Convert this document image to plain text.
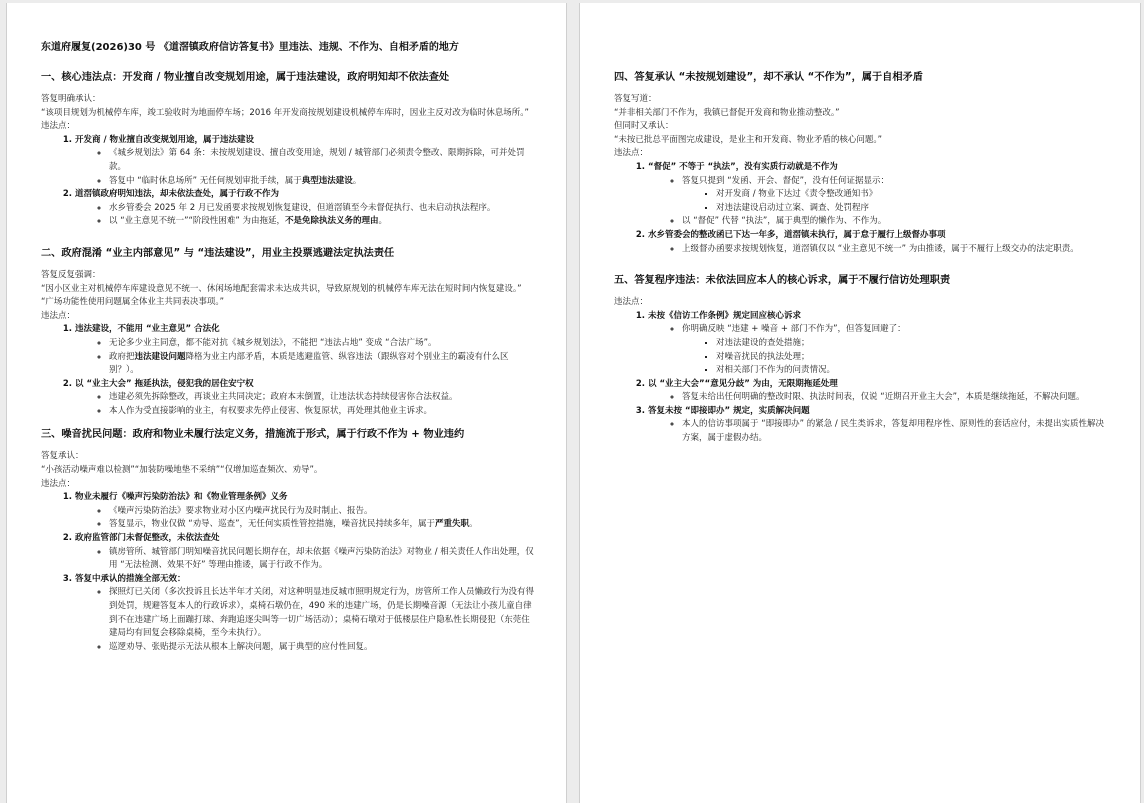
东道府履复(2026)30 号 《道滘镇政府信访答复书》里违法、违规、不作为、自相矛盾的地方
一、核心违法点：开发商 / 物业擅自改变规划用途，属于违法建设，政府明知却不依法查处
答复明确承认：
“该项目规划为机械停车库，竣工验收时为地面停车场；2016 年开发商按规划建设机械停车库时，因业主反对改为临时休息场所。”
违法点：
1. 开发商 / 物业擅自改变规划用途，属于违法建设
◦ 《城乡规划法》第 64 条：未按规划建设、擅自改变用途，规划 / 城管部门必须责令整改、限期拆除，可并处罚款。
◦ 答复中 “临时休息场所” 无任何规划审批手续，属于典型违法建设。
2. 道滘镇政府明知违法，却未依法查处，属于行政不作为
◦ 水乡管委会 2025 年 2 月已发函要求按规划恢复建设，但道滘镇至今未督促执行、也未启动执法程序。
◦ 以 “业主意见不统一”“阶段性困难” 为由拖延，不是免除执法义务的理由。
二、政府混淆 “业主内部意见” 与 “违法建设”，用业主投票逃避法定执法责任
答复反复强调：
“因小区业主对机械停车库建设意见不统一、休闲场地配套需求未达成共识，导致原规划的机械停车库无法在短时间内恢复建设。”
“广场功能性使用问题属全体业主共同表决事项。”
违法点：
1. 违法建设，不能用 “业主意见” 合法化
◦ 无论多少业主同意，都不能对抗《城乡规划法》，不能把 “违法占地” 变成 “合法广场”。
◦ 政府把违法建设问题降格为业主内部矛盾，本质是逃避监管、纵容违法（跟纵容对个别业主的霸凌有什么区别？）。
2. 以 “业主大会” 拖延执法，侵犯我的居住安宁权
◦ 违建必须先拆除整改，再谈业主共同决定；政府本末倒置，让违法状态持续侵害你合法权益。
◦ 本人作为受直接影响的业主，有权要求先停止侵害、恢复原状，再处理其他业主诉求。
三、噪音扰民问题：政府和物业未履行法定义务，措施流于形式，属于行政不作为 + 物业违约
答复承认：
“小孩活动噪声难以检测”“加装防噪地垫不采纳”“仅增加巡查频次、劝导”。
违法点：
1. 物业未履行《噪声污染防治法》和《物业管理条例》义务
◦ 《噪声污染防治法》要求物业对小区内噪声扰民行为及时制止、报告。
◦ 答复显示，物业仅做 “劝导、巡查”，无任何实质性管控措施，噪音扰民持续多年，属于严重失职。
2. 政府监管部门未督促整改，未依法查处
◦ 镇房管所、城管部门明知噪音扰民问题长期存在，却未依据《噪声污染防治法》对物业 / 相关责任人作出处理，仅用 “无法检测、效果不好” 等理由推诿，属于行政不作为。
3. 答复中承认的措施全部无效：
◦ 探照灯已关闭（多次投诉且长达半年才关闭，对这种明显违反城市照明规定行为，房管所工作人员懒政行为没有得到处罚，规避答复本人的行政诉求），桌椅石墩仍在，490 米的违建广场，仍是长期噪音源（无法让小孩儿童自律到不在违建广场上面蹦打球、奔跑追逐尖叫等一切广场活动）；桌椅石墩对于低楼层住户隐私性长期侵犯（东莞住建局均有回复会移除桌椅，至今未执行）。
◦ 巡逻劝导、张贴提示无法从根本上解决问题，属于典型的应付性回复。
四、答复承认 “未按规划建设”，却不承认 “不作为”，属于自相矛盾
答复写道：
“并非相关部门不作为，我镇已督促开发商和物业推动整改。”
但同时又承认：
“未按已批总平面图完成建设，是业主和开发商、物业矛盾的核心问题。”
违法点：
1. “督促” 不等于 “执法”，没有实质行动就是不作为
◦ 答复只提到 “发函、开会、督促”，没有任何证据显示：
▪ 对开发商 / 物业下达过《责令整改通知书》
▪ 对违法建设启动过立案、调查、处罚程序
◦ 以 “督促” 代替 “执法”，属于典型的懒作为、不作为。
2. 水乡管委会的整改函已下达一年多，道滘镇未执行，属于怠于履行上级督办事项
◦ 上级督办函要求按规划恢复，道滘镇仅以 “业主意见不统一” 为由推诿，属于不履行上级交办的法定职责。
五、答复程序违法：未依法回应本人的核心诉求，属于不履行信访处理职责
违法点：
1. 未按《信访工作条例》规定回应核心诉求
◦ 你明确反映 “违建 + 噪音 + 部门不作为”，但答复回避了：
▪ 对违法建设的查处措施；
▪ 对噪音扰民的执法处理；
▪ 对相关部门不作为的问责情况。
2. 以 “业主大会”“意见分歧” 为由，无限期拖延处理
◦ 答复未给出任何明确的整改时限、执法时间表，仅说 “近期召开业主大会”，本质是继续拖延，不解决问题。
3. 答复未按 “即接即办” 规定，实质解决问题
◦ 本人的信访事项属于 “即接即办” 的紧急 / 民生类诉求，答复却用程序性、原则性的套话应付，未提出实质性解决方案，属于虚假办结。
